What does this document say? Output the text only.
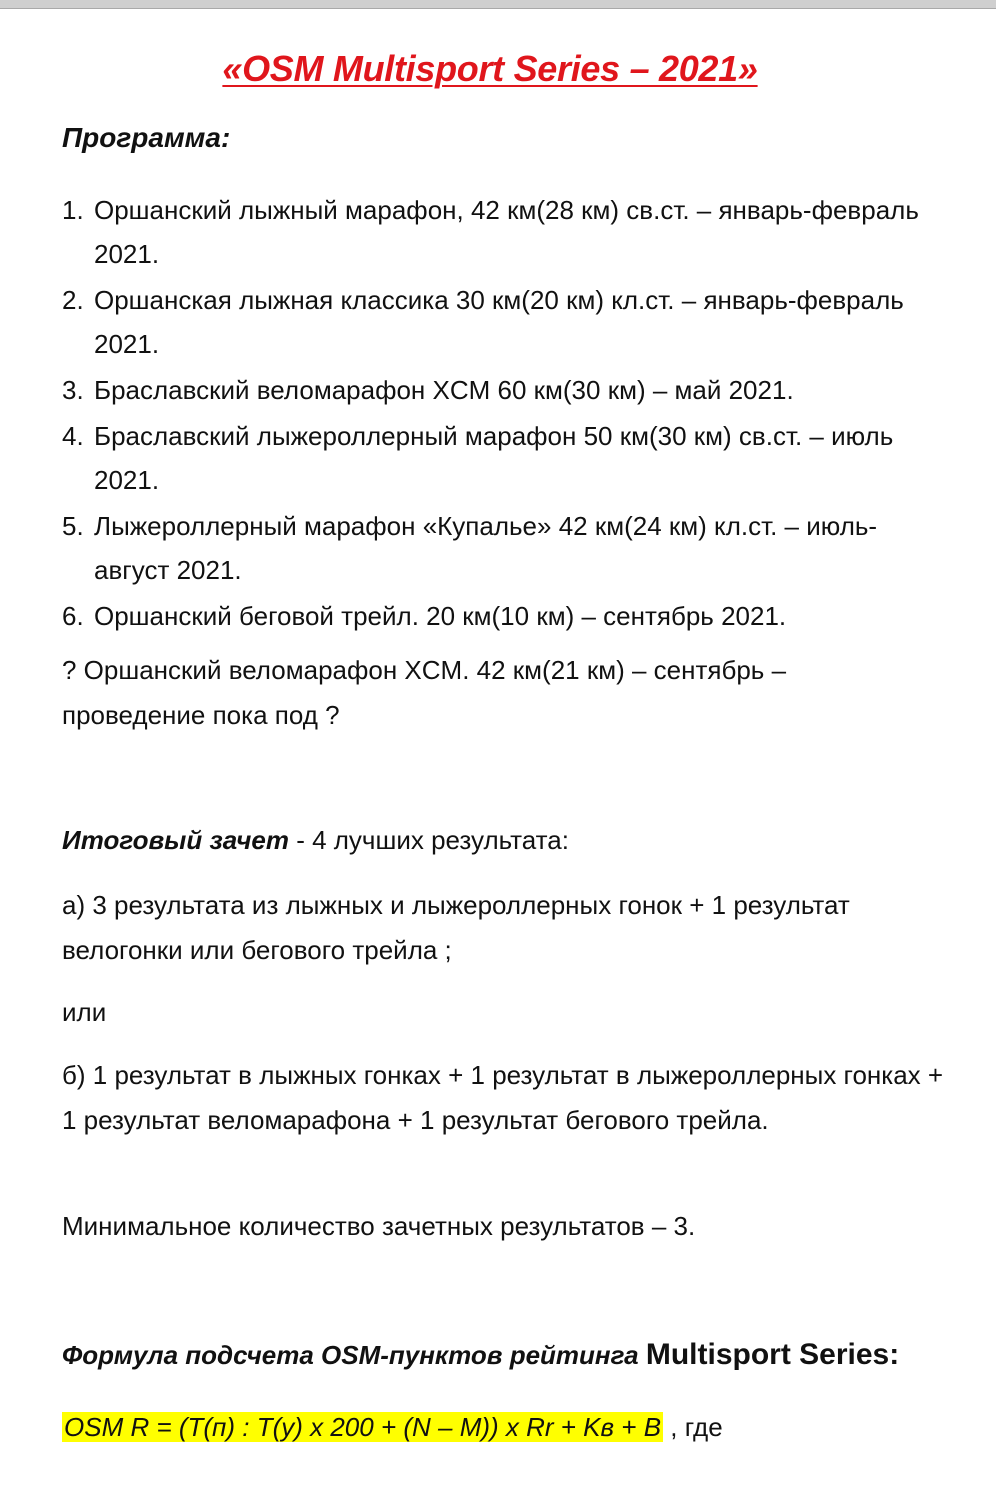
«OSM Multisport Series – 2021»
Программа:
1. Оршанский лыжный марафон, 42 км(28 км) св.ст. – январь-февраль 2021.
2. Оршанская лыжная классика 30 км(20 км) кл.ст. – январь-февраль 2021.
3. Браславский веломарафон XCM 60 км(30 км) – май 2021.
4. Браславский лыжероллерный марафон 50 км(30 км) св.ст. – июль 2021.
5. Лыжероллерный марафон «Купалье» 42 км(24 км) кл.ст. – июль-август 2021.
6. Оршанский беговой трейл. 20 км(10 км) – сентябрь 2021.
? Оршанский веломарафон XCM. 42 км(21 км) – сентябрь – проведение пока под ?
Итоговый зачет - 4 лучших результата:
а) 3 результата из лыжных и лыжероллерных гонок + 1 результат велогонки или бегового трейла ;
или
б) 1 результат в лыжных гонках + 1 результат в лыжероллерных гонках + 1 результат веломарафона + 1 результат бегового трейла.
Минимальное количество зачетных результатов – 3.
Формула подсчета OSM-пунктов рейтинга Multisport Series:
OSM R = (T(п) : T(у) х 200 + (N – M)) х Rr + Kв + B , где
